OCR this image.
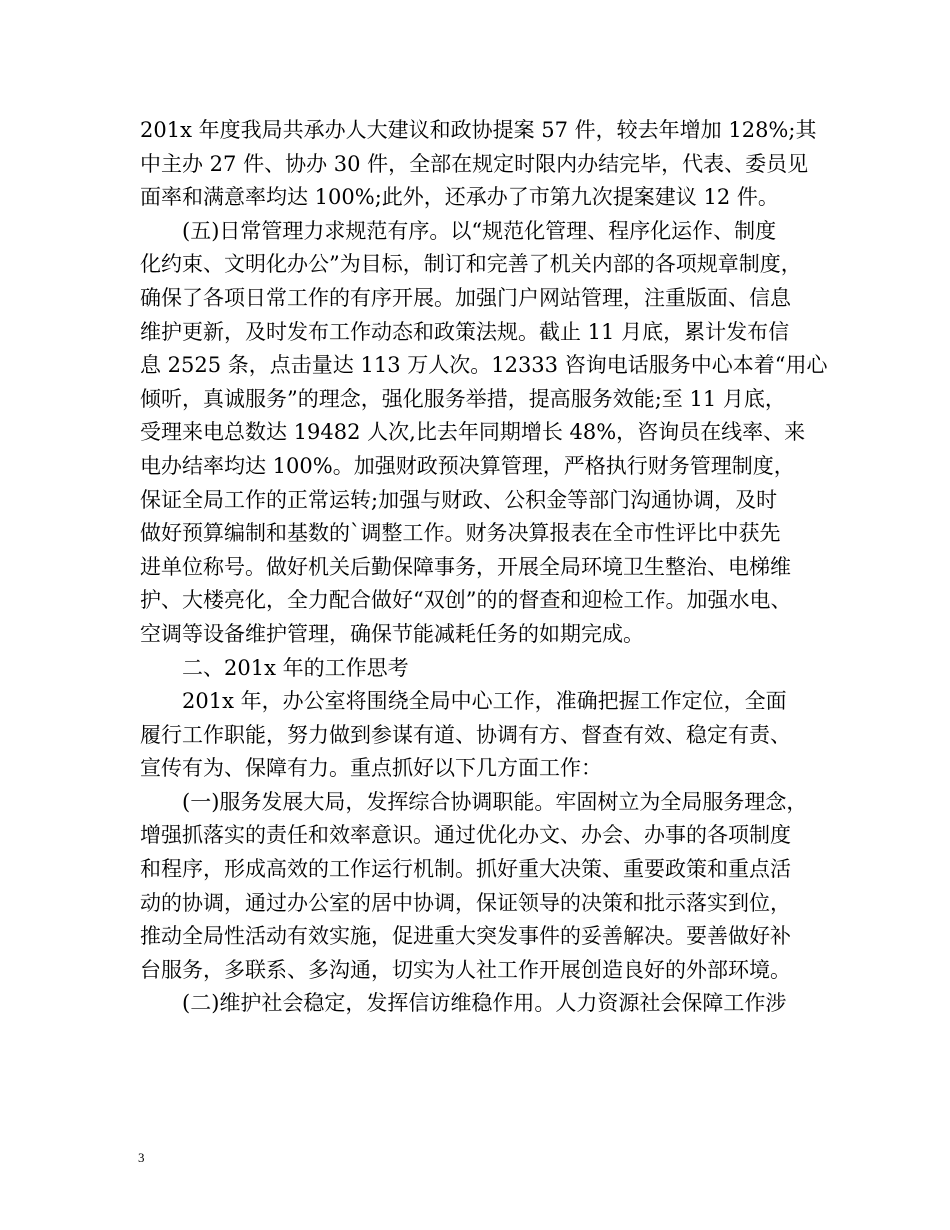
201x 年度我局共承办人大建议和政协提案 57 件，较去年增加 128%;其
中主办 27 件、协办 30 件，全部在规定时限内办结完毕，代表、委员见
面率和满意率均达 100%;此外，还承办了市第九次提案建议 12 件。
(五)日常管理力求规范有序。以“规范化管理、程序化运作、制度
化约束、文明化办公”为目标，制订和完善了机关内部的各项规章制度，
确保了各项日常工作的有序开展。加强门户网站管理，注重版面、信息
维护更新，及时发布工作动态和政策法规。截止 11 月底，累计发布信
息 2525 条，点击量达 113 万人次。12333 咨询电话服务中心本着“用心
倾听，真诚服务”的理念，强化服务举措，提高服务效能;至 11 月底，
受理来电总数达 19482 人次,比去年同期增长 48%，咨询员在线率、来
电办结率均达 100%。加强财政预决算管理，严格执行财务管理制度，
保证全局工作的正常运转;加强与财政、公积金等部门沟通协调，及时
做好预算编制和基数的`调整工作。财务决算报表在全市性评比中获先
进单位称号。做好机关后勤保障事务，开展全局环境卫生整治、电梯维
护、大楼亮化，全力配合做好“双创”的的督查和迎检工作。加强水电、
空调等设备维护管理，确保节能减耗任务的如期完成。
二、201x 年的工作思考
201x 年，办公室将围绕全局中心工作，准确把握工作定位，全面
履行工作职能，努力做到参谋有道、协调有方、督查有效、稳定有责、
宣传有为、保障有力。重点抓好以下几方面工作：
(一)服务发展大局，发挥综合协调职能。牢固树立为全局服务理念，
增强抓落实的责任和效率意识。通过优化办文、办会、办事的各项制度
和程序，形成高效的工作运行机制。抓好重大决策、重要政策和重点活
动的协调，通过办公室的居中协调，保证领导的决策和批示落实到位，
推动全局性活动有效实施，促进重大突发事件的妥善解决。要善做好补
台服务，多联系、多沟通，切实为人社工作开展创造良好的外部环境。
(二)维护社会稳定，发挥信访维稳作用。人力资源社会保障工作涉
3
